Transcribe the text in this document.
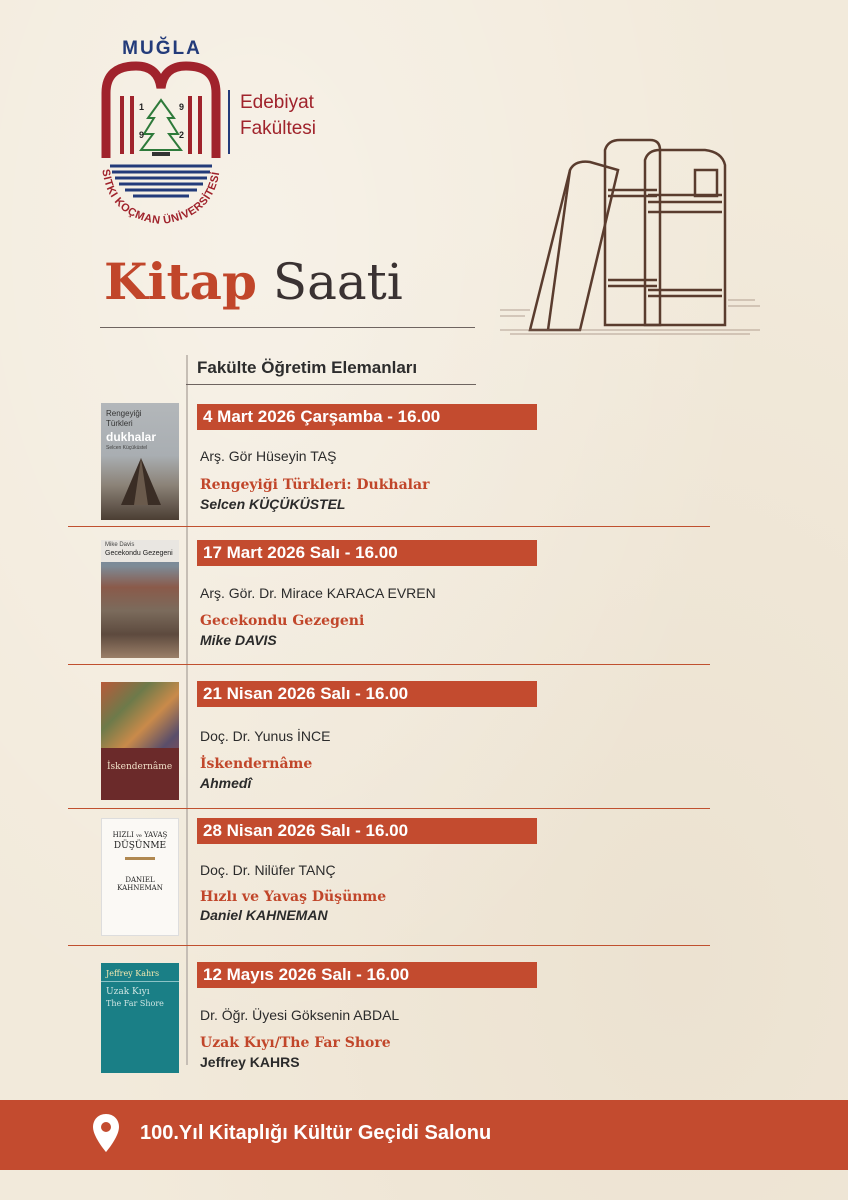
MUĞLA
SITKI KOÇMAN ÜNİVERSİTESİ
1	9
9	2
Edebiyat
Fakültesi
Kitap Saati
Fakülte Öğretim Elemanları
Rengeyiği
Türkleri
dukhalar
Selcen Küçüküstel
4 Mart 2026 Çarşamba - 16.00
Arş. Gör Hüseyin TAŞ
Rengeyiği Türkleri: Dukhalar
Selcen KÜÇÜKÜSTEL
Mike Davis
Gecekondu Gezegeni	17 Mart 2026 Salı - 16.00
Arş. Gör. Dr. Mirace KARACA EVREN
Gecekondu Gezegeni
Mike DAVIS
İskendernâme
21 Nisan 2026 Salı - 16.00
Doç. Dr. Yunus İNCE
İskendernâme
Ahmedî
HIZLI ve YAVAŞ
DÜŞÜNME
DANIEL
KAHNEMAN
28 Nisan 2026 Salı - 16.00
Doç. Dr. Nilüfer TANÇ
Hızlı ve Yavaş Düşünme
Daniel KAHNEMAN
Jeffrey Kahrs
Uzak Kıyı
The Far Shore
12 Mayıs 2026 Salı - 16.00
Dr. Öğr. Üyesi Göksenin ABDAL
Uzak Kıyı/The Far Shore
Jeffrey KAHRS
100.Yıl Kitaplığı Kültür Geçidi Salonu
